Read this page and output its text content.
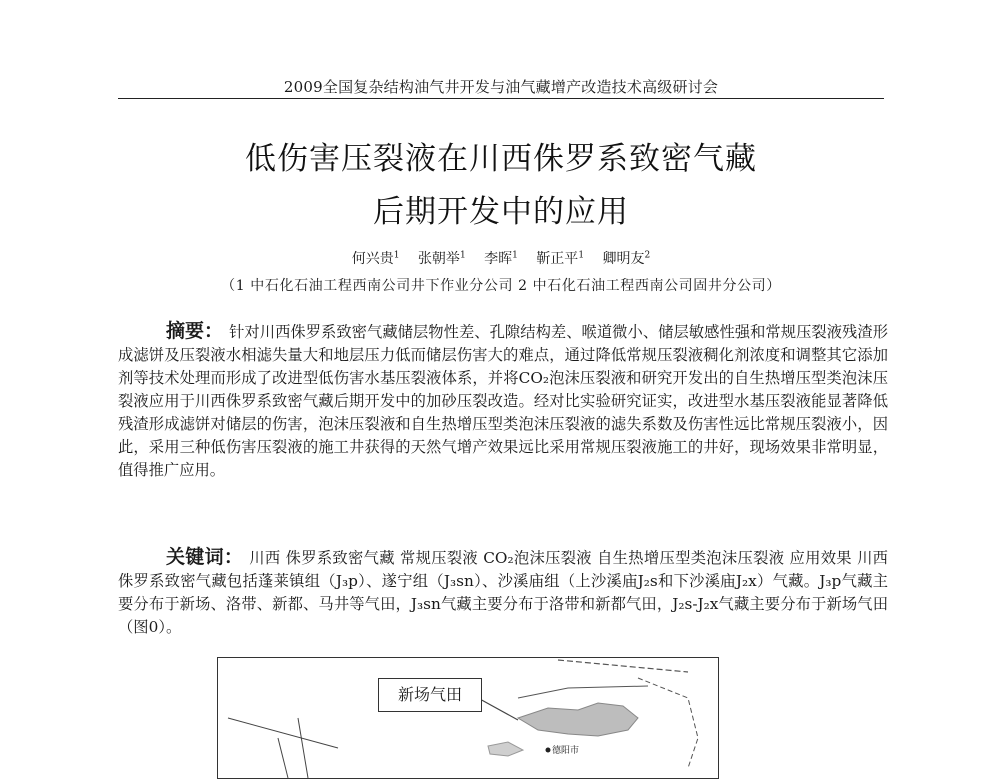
2009全国复杂结构油气井开发与油气藏增产改造技术高级研讨会
低伤害压裂液在川西侏罗系致密气藏
后期开发中的应用
何兴贵$^1$ 张朝举$^1$ 李晖$^1$ 靳正平$^1$ 卿明友$^2$
（1 中石化石油工程西南公司井下作业分公司 2 中石化石油工程西南公司固井分公司）
摘要： 针对川西侏罗系致密气藏储层物性差、孔隙结构差、喉道微小、储层敏感性强和常规压裂液残渣形成滤饼及压裂液水相滤失量大和地层压力低而储层伤害大的难点，通过降低常规压裂液稠化剂浓度和调整其它添加剂等技术处理而形成了改进型低伤害水基压裂液体系，并将CO₂泡沫压裂液和研究开发出的自生热增压型类泡沫压裂液应用于川西侏罗系致密气藏后期开发中的加砂压裂改造。经对比实验研究证实，改进型水基压裂液能显著降低残渣形成滤饼对储层的伤害，泡沫压裂液和自生热增压型类泡沫压裂液的滤失系数及伤害性远比常规压裂液小，因此，采用三种低伤害压裂液的施工井获得的天然气增产效果远比采用常规压裂液施工的井好，现场效果非常明显，值得推广应用。
关键词： 川西 侏罗系致密气藏 常规压裂液 CO₂泡沫压裂液 自生热增压型类泡沫压裂液 应用效果 川西侏罗系致密气藏包括蓬莱镇组（J₃p）、遂宁组（J₃sn）、沙溪庙组（上沙溪庙J₂s和下沙溪庙J₂x）气藏。J₃p气藏主要分布于新场、洛带、新都、马井等气田，J₃sn气藏主要分布于洛带和新都气田，J₂s-J₂x气藏主要分布于新场气田（图0）。
新场气田
德阳市
